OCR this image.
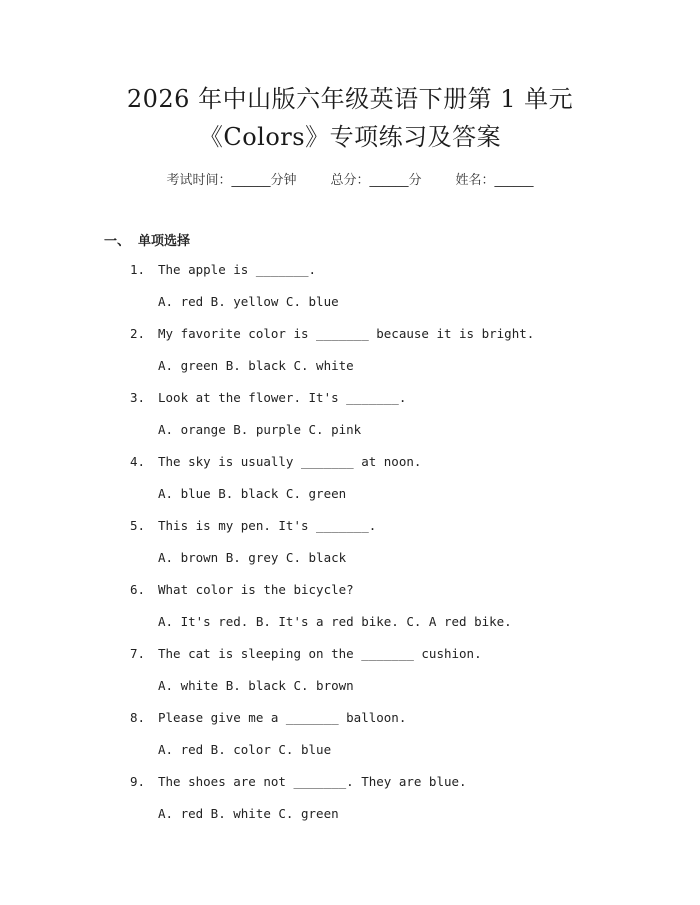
2026 年中山版六年级英语下册第 1 单元
《Colors》专项练习及答案
考试时间：______分钟	总分：______分	姓名：______
一、 单项选择
1. The apple is _______.
A. red B. yellow C. blue
2. My favorite color is _______ because it is bright.
A. green B. black C. white
3. Look at the flower. It's _______.
A. orange B. purple C. pink
4. The sky is usually _______ at noon.
A. blue B. black C. green
5. This is my pen. It's _______.
A. brown B. grey C. black
6. What color is the bicycle?
A. It's red. B. It's a red bike. C. A red bike.
7. The cat is sleeping on the _______ cushion.
A. white B. black C. brown
8. Please give me a _______ balloon.
A. red B. color C. blue
9. The shoes are not _______. They are blue.
A. red B. white C. green
